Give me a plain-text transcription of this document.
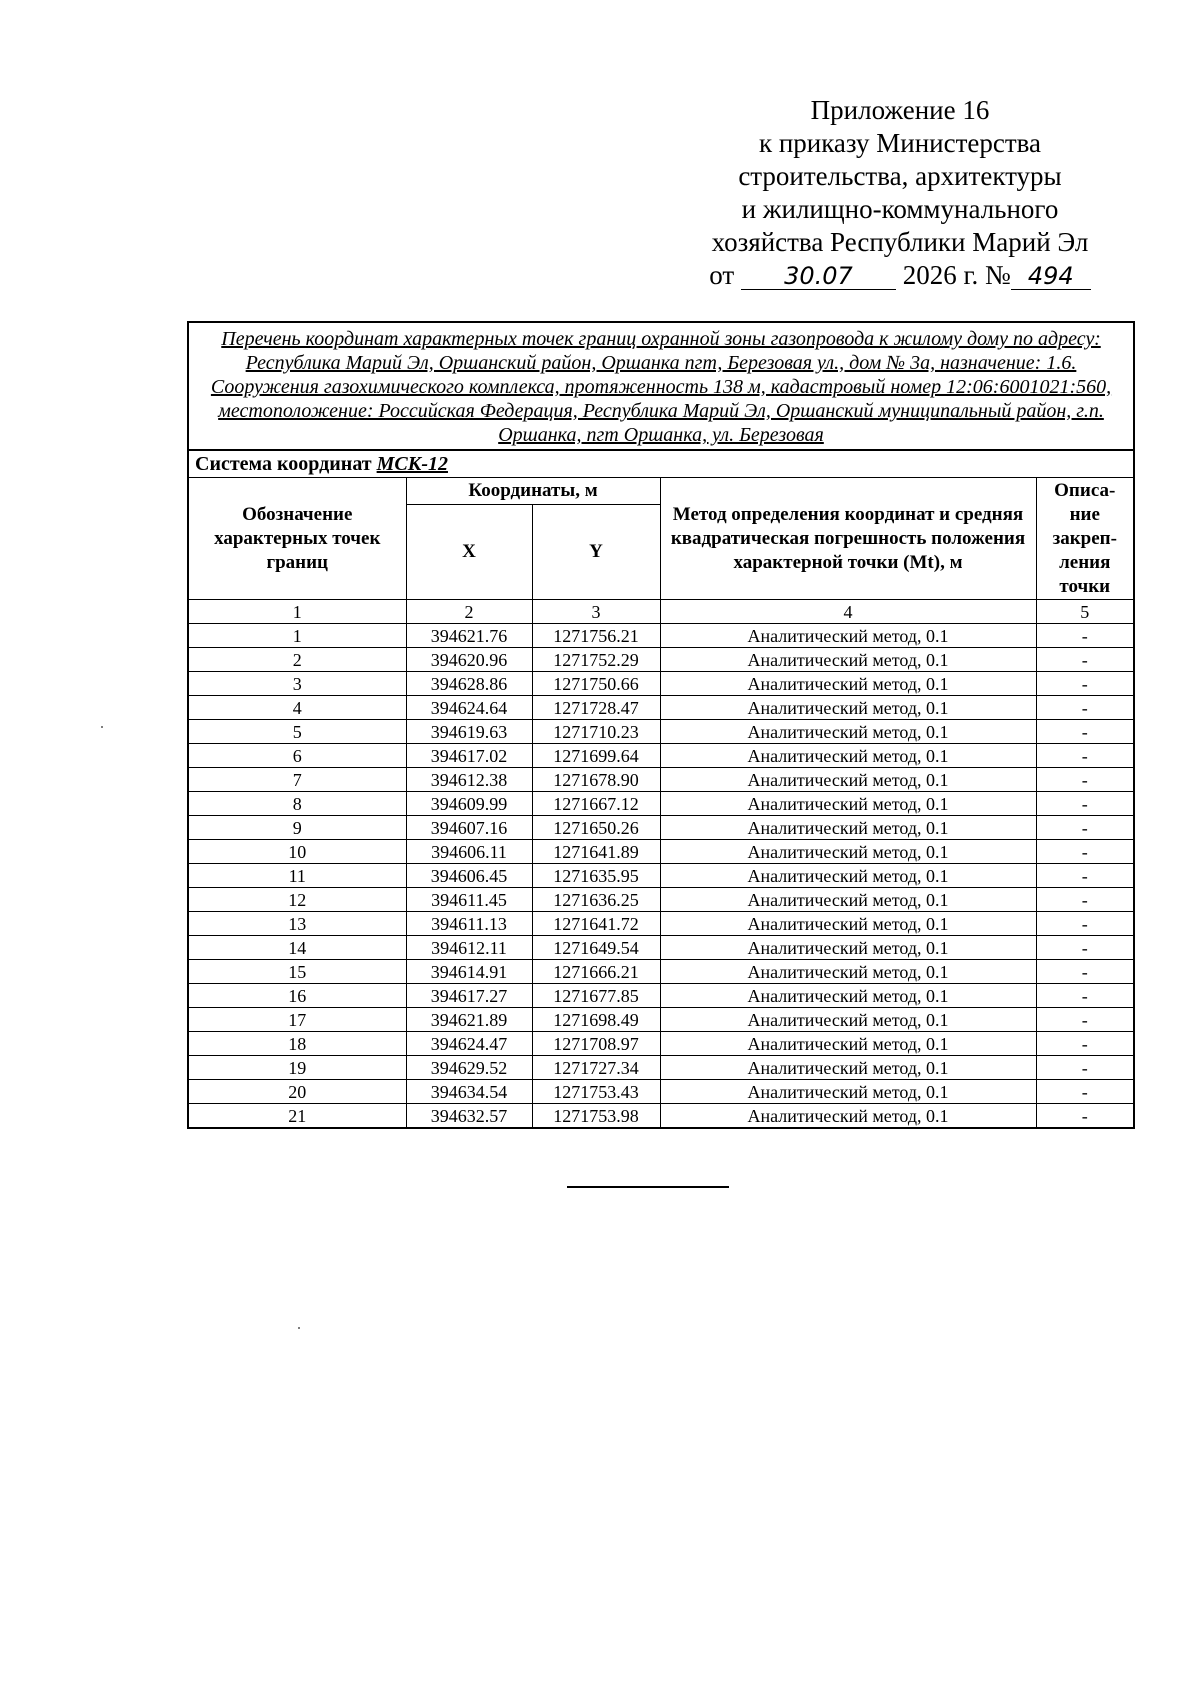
Приложение 16
к приказу Министерства
строительства, архитектуры
и жилищно-коммунального
хозяйства Республики Марий Эл
от 30.07 2026 г. № 494
Перечень координат характерных точек границ охранной зоны газопровода к жилому дому по адресу: Республика Марий Эл, Оршанский район, Оршанка пгт, Березовая ул., дом № 3а, назначение: 1.6. Сооружения газохимического комплекса, протяженность 138 м, кадастровый номер 12:06:6001021:560, местоположение: Российская Федерация, Республика Марий Эл, Оршанский муниципальный район, г.п. Оршанка, пгт Оршанка, ул. Березовая				
Система координат МСК-12				
Обозначение характерных точек границ	Координаты, м		Метод определения координат и средняя квадратическая погрешность положения характерной точки (Mt), м	Описа-ние закреп-ления точки
	X	Y		
1	2	3	4	5
1	394621.76	1271756.21	Аналитический метод, 0.1	-
2	394620.96	1271752.29	Аналитический метод, 0.1	-
3	394628.86	1271750.66	Аналитический метод, 0.1	-
4	394624.64	1271728.47	Аналитический метод, 0.1	-
5	394619.63	1271710.23	Аналитический метод, 0.1	-
6	394617.02	1271699.64	Аналитический метод, 0.1	-
7	394612.38	1271678.90	Аналитический метод, 0.1	-
8	394609.99	1271667.12	Аналитический метод, 0.1	-
9	394607.16	1271650.26	Аналитический метод, 0.1	-
10	394606.11	1271641.89	Аналитический метод, 0.1	-
11	394606.45	1271635.95	Аналитический метод, 0.1	-
12	394611.45	1271636.25	Аналитический метод, 0.1	-
13	394611.13	1271641.72	Аналитический метод, 0.1	-
14	394612.11	1271649.54	Аналитический метод, 0.1	-
15	394614.91	1271666.21	Аналитический метод, 0.1	-
16	394617.27	1271677.85	Аналитический метод, 0.1	-
17	394621.89	1271698.49	Аналитический метод, 0.1	-
18	394624.47	1271708.97	Аналитический метод, 0.1	-
19	394629.52	1271727.34	Аналитический метод, 0.1	-
20	394634.54	1271753.43	Аналитический метод, 0.1	-
21	394632.57	1271753.98	Аналитический метод, 0.1	-
